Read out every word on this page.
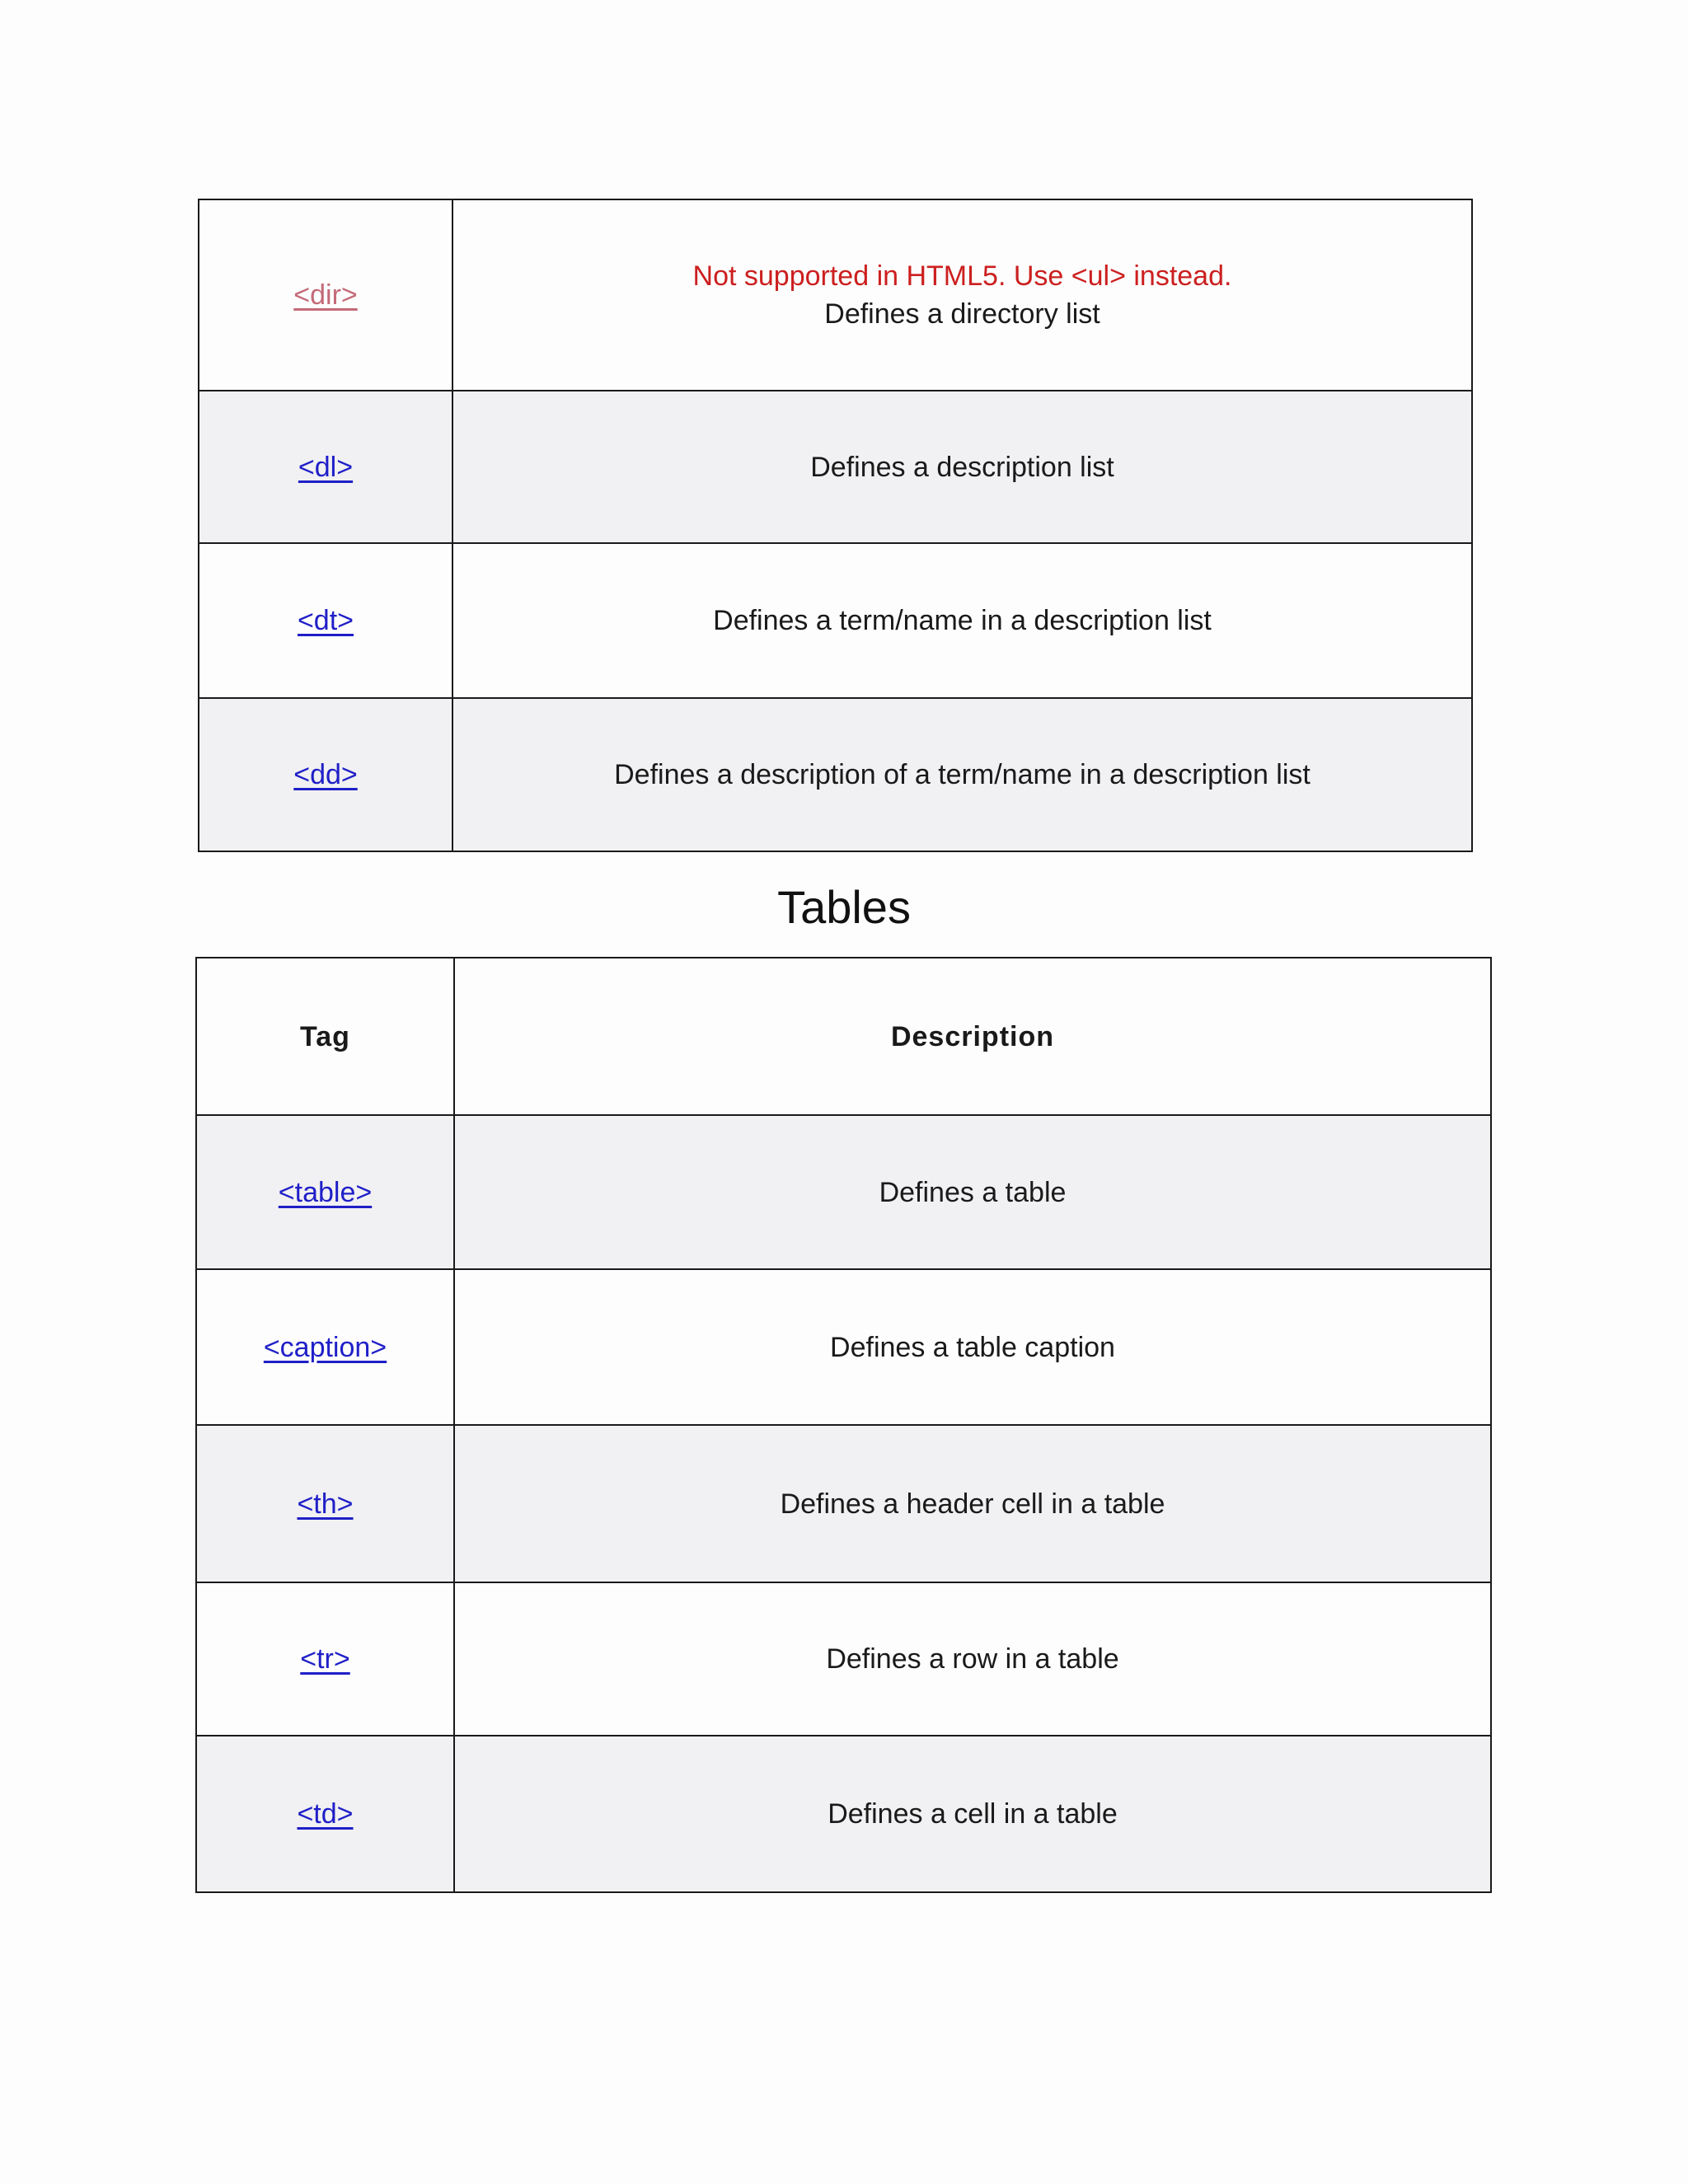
<dir>	Not supported in HTML5. Use <ul> instead.
Defines a directory list

<dl>	Defines a description list
<dt>	Defines a term/name in a description list
<dd>	Defines a description of a term/name in a description list
Tables
Tag	Description
<table>	Defines a table
<caption>	Defines a table caption
<th>	Defines a header cell in a table
<tr>	Defines a row in a table
<td>	Defines a cell in a table
